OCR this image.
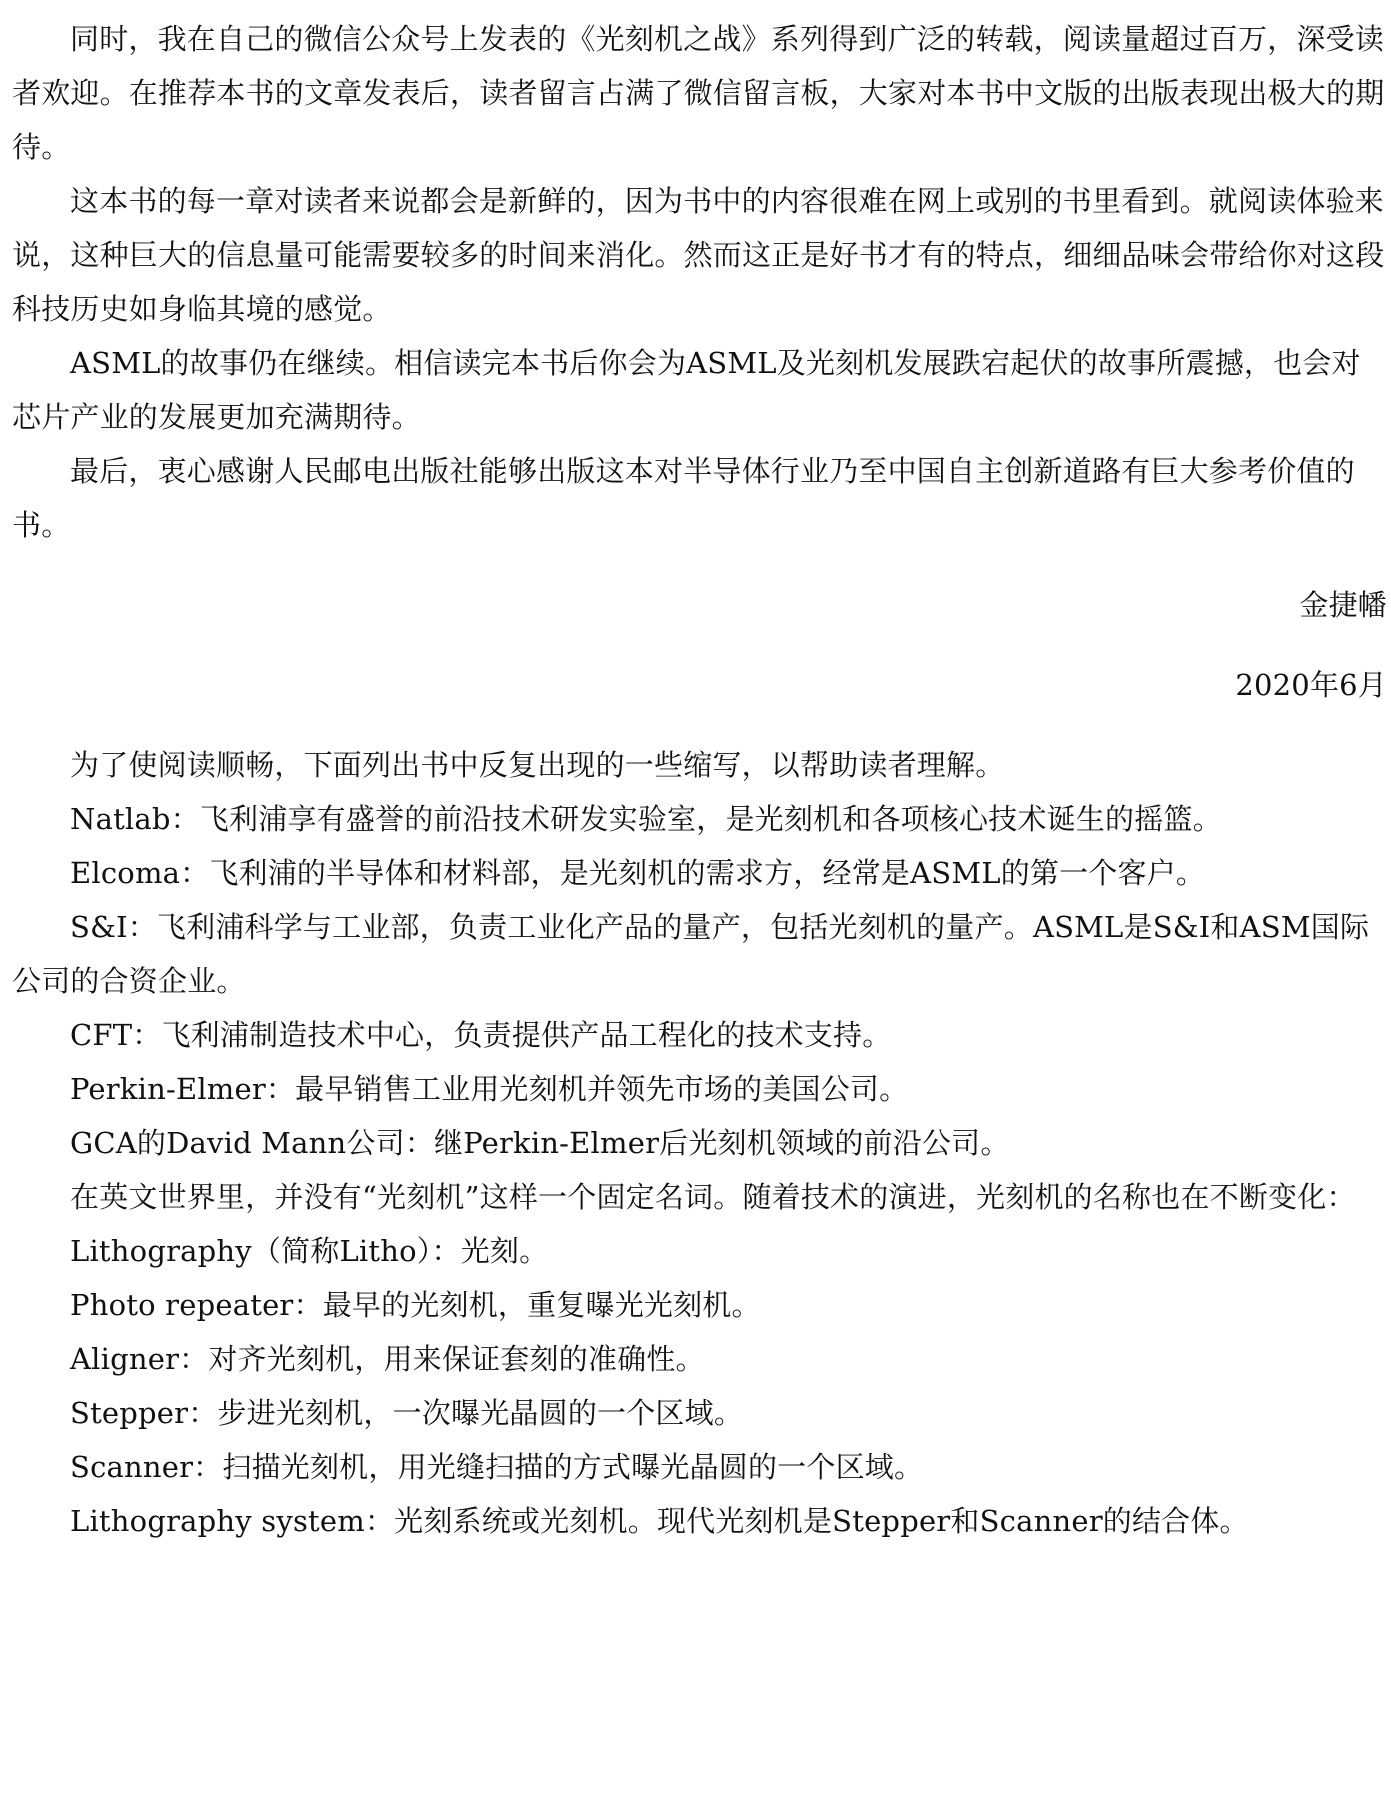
同时，我在自己的微信公众号上发表的《光刻机之战》系列得到广泛的转载，阅读量超过百万，深受读者欢迎。在推荐本书的文章发表后，读者留言占满了微信留言板，大家对本书中文版的出版表现出极大的期待。

这本书的每一章对读者来说都会是新鲜的，因为书中的内容很难在网上或别的书里看到。就阅读体验来说，这种巨大的信息量可能需要较多的时间来消化。然而这正是好书才有的特点，细细品味会带给你对这段科技历史如身临其境的感觉。

ASML的故事仍在继续。相信读完本书后你会为ASML及光刻机发展跌宕起伏的故事所震撼，也会对芯片产业的发展更加充满期待。

最后，衷心感谢人民邮电出版社能够出版这本对半导体行业乃至中国自主创新道路有巨大参考价值的书。

金捷幡

2020年6月

为了使阅读顺畅，下面列出书中反复出现的一些缩写，以帮助读者理解。

Natlab：飞利浦享有盛誉的前沿技术研发实验室，是光刻机和各项核心技术诞生的摇篮。

Elcoma：飞利浦的半导体和材料部，是光刻机的需求方，经常是ASML的第一个客户。

S&I：飞利浦科学与工业部，负责工业化产品的量产，包括光刻机的量产。ASML是S&I和ASM国际公司的合资企业。

CFT：飞利浦制造技术中心，负责提供产品工程化的技术支持。

Perkin-Elmer：最早销售工业用光刻机并领先市场的美国公司。

GCA的David Mann公司：继Perkin-Elmer后光刻机领域的前沿公司。

在英文世界里，并没有“光刻机”这样一个固定名词。随着技术的演进，光刻机的名称也在不断变化：

Lithography（简称Litho）：光刻。

Photo repeater：最早的光刻机，重复曝光光刻机。

Aligner：对齐光刻机，用来保证套刻的准确性。

Stepper：步进光刻机，一次曝光晶圆的一个区域。

Scanner：扫描光刻机，用光缝扫描的方式曝光晶圆的一个区域。

Lithography system：光刻系统或光刻机。现代光刻机是Stepper和Scanner的结合体。
